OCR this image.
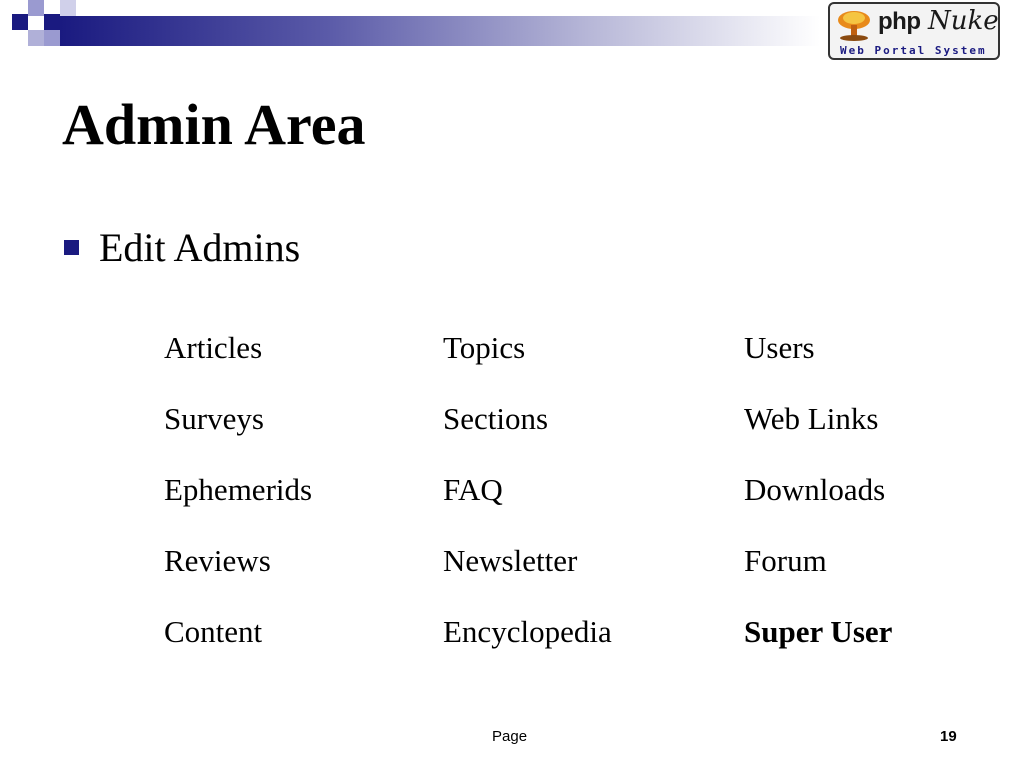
php Nuke
Web Portal System
Admin Area
Edit Admins
Articles	Topics	Users
Surveys	Sections	Web Links
Ephemerids	FAQ	Downloads
Reviews	Newsletter	Forum
Content	Encyclopedia	Super User
Page	19
